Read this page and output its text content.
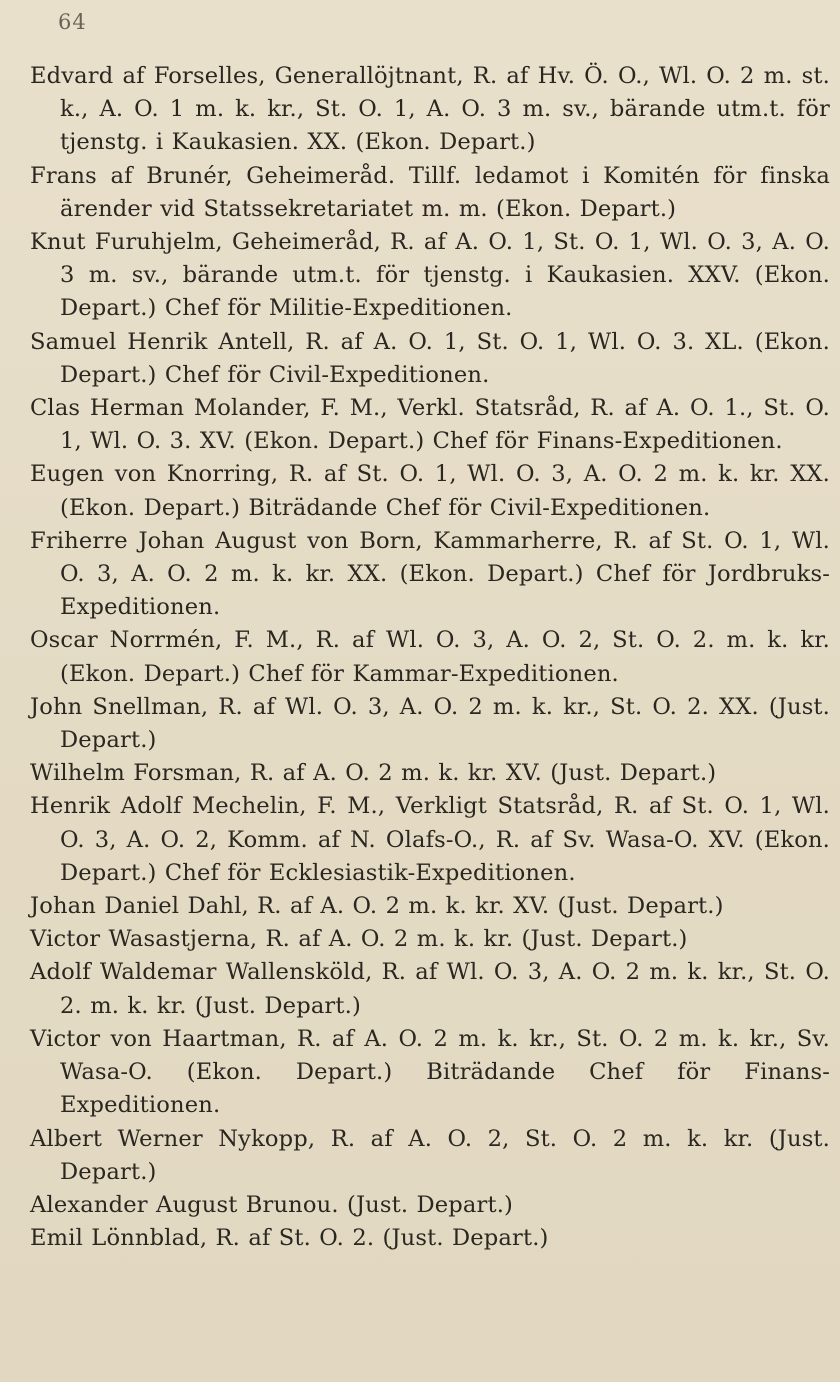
64
Edvard af Forselles, Generallöjtnant, R. af Hv. Ö. O., Wl. O. 2 m. st. k., A. O. 1 m. k. kr., St. O. 1, A. O. 3 m. sv., bärande utm.t. för tjenstg. i Kaukasien. XX. (Ekon. Depart.)
Frans af Brunér, Geheimeråd. Tillf. ledamot i Komitén för finska ärender vid Statssekretariatet m. m. (Ekon. Depart.)
Knut Furuhjelm, Geheimeråd, R. af A. O. 1, St. O. 1, Wl. O. 3, A. O. 3 m. sv., bärande utm.t. för tjenstg. i Kaukasien. XXV. (Ekon. Depart.) Chef för Militie-Expeditionen.
Samuel Henrik Antell, R. af A. O. 1, St. O. 1, Wl. O. 3. XL. (Ekon. Depart.) Chef för Civil-Expeditionen.
Clas Herman Molander, F. M., Verkl. Statsråd, R. af A. O. 1., St. O. 1, Wl. O. 3. XV. (Ekon. Depart.) Chef för Finans-Expeditionen.
Eugen von Knorring, R. af St. O. 1, Wl. O. 3, A. O. 2 m. k. kr. XX. (Ekon. Depart.) Biträdande Chef för Civil-Expeditionen.
Friherre Johan August von Born, Kammarherre, R. af St. O. 1, Wl. O. 3, A. O. 2 m. k. kr. XX. (Ekon. Depart.) Chef för Jordbruks-Expeditionen.
Oscar Norrmén, F. M., R. af Wl. O. 3, A. O. 2, St. O. 2. m. k. kr. (Ekon. Depart.) Chef för Kammar-Expeditionen.
John Snellman, R. af Wl. O. 3, A. O. 2 m. k. kr., St. O. 2. XX. (Just. Depart.)
Wilhelm Forsman, R. af A. O. 2 m. k. kr. XV. (Just. Depart.)
Henrik Adolf Mechelin, F. M., Verkligt Statsråd, R. af St. O. 1, Wl. O. 3, A. O. 2, Komm. af N. Olafs-O., R. af Sv. Wasa-O. XV. (Ekon. Depart.) Chef för Ecklesiastik-Expeditionen.
Johan Daniel Dahl, R. af A. O. 2 m. k. kr. XV. (Just. Depart.)
Victor Wasastjerna, R. af A. O. 2 m. k. kr. (Just. Depart.)
Adolf Waldemar Wallensköld, R. af Wl. O. 3, A. O. 2 m. k. kr., St. O. 2. m. k. kr. (Just. Depart.)
Victor von Haartman, R. af A. O. 2 m. k. kr., St. O. 2 m. k. kr., Sv. Wasa-O. (Ekon. Depart.) Biträdande Chef för Finans-Expeditionen.
Albert Werner Nykopp, R. af A. O. 2, St. O. 2 m. k. kr. (Just. Depart.)
Alexander August Brunou. (Just. Depart.)
Emil Lönnblad, R. af St. O. 2. (Just. Depart.)
